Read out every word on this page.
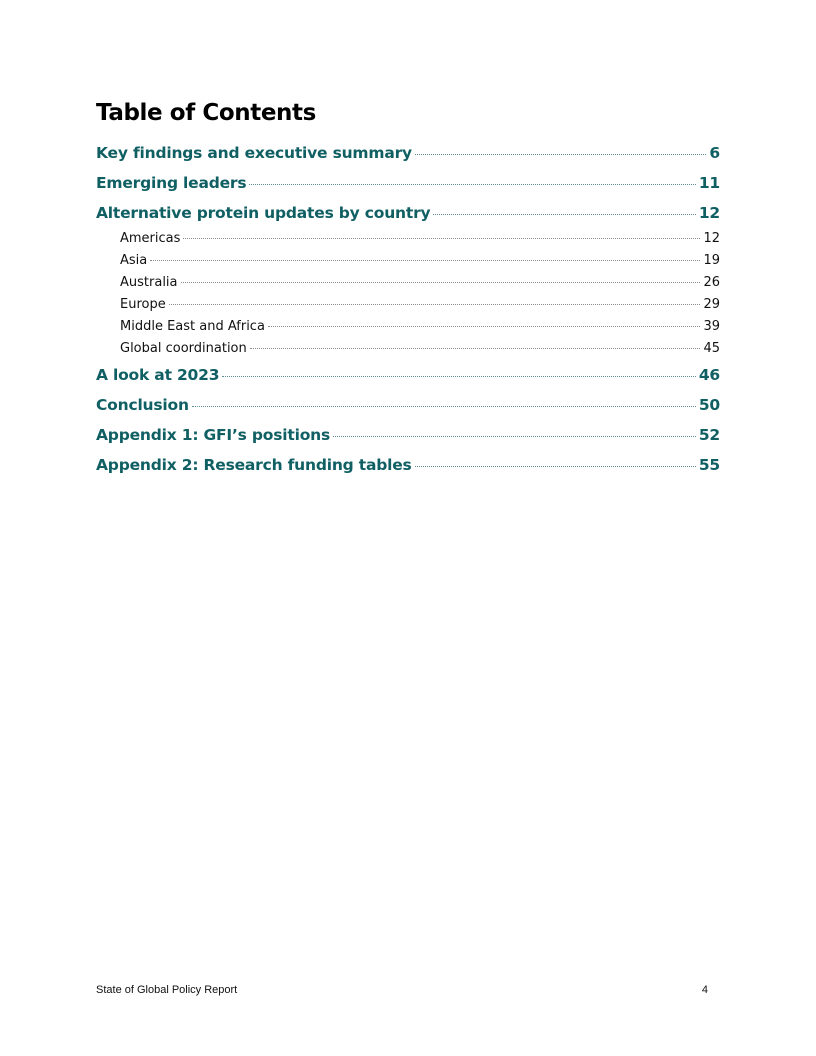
Table of Contents
Key findings and executive summary	6
Emerging leaders	11
Alternative protein updates by country	12
Americas	12
Asia	19
Australia	26
Europe	29
Middle East and Africa	39
Global coordination	45
A look at 2023	46
Conclusion	50
Appendix 1: GFI’s positions	52
Appendix 2: Research funding tables	55
State of Global Policy Report	4
